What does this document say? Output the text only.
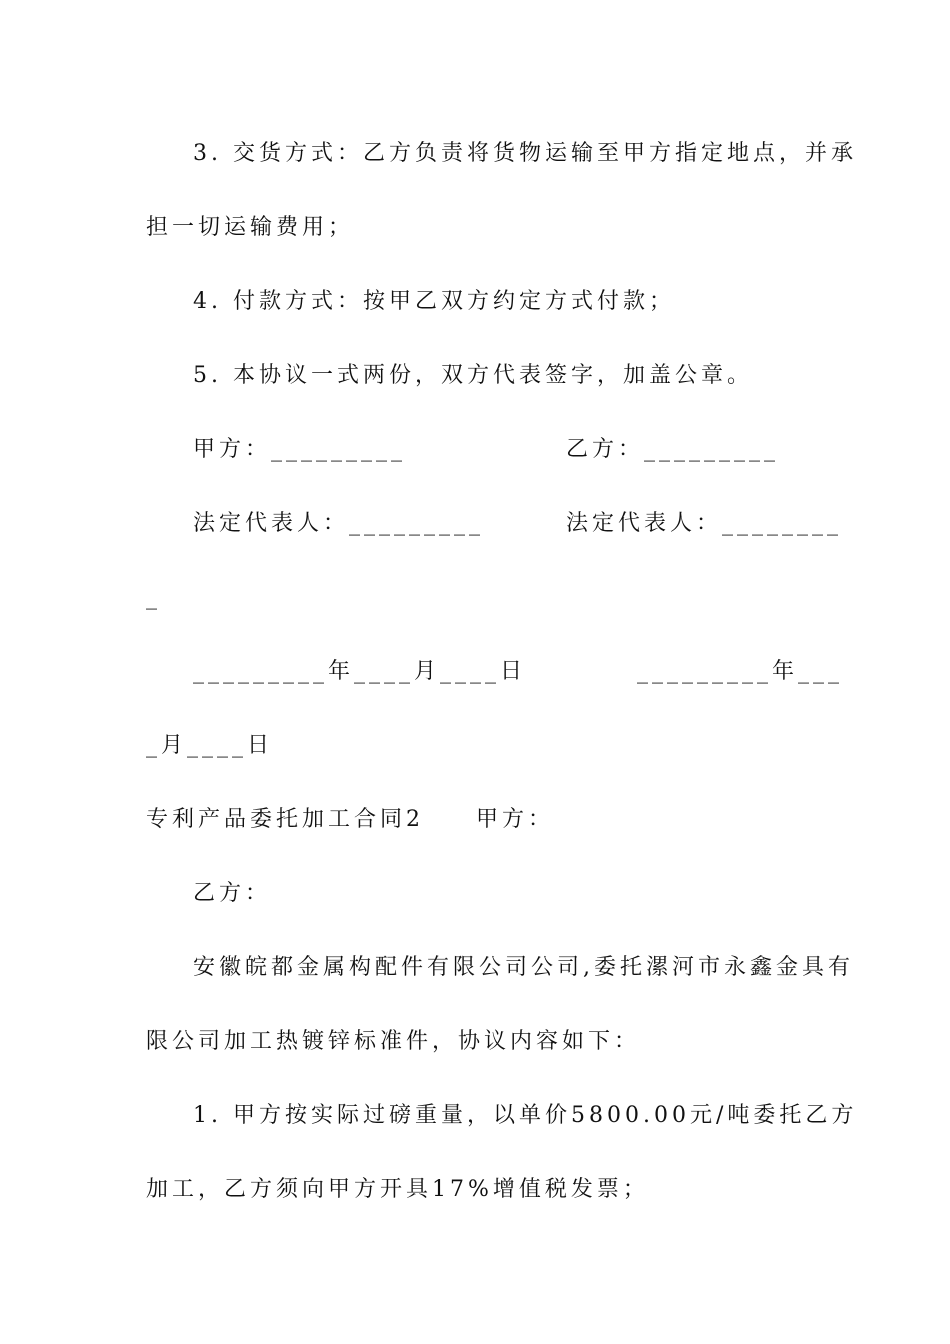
3. 交货方式：乙方负责将货物运输至甲方指定地点，并承
担一切运输费用；
4. 付款方式：按甲乙双方约定方式付款；
5. 本协议一式两份，双方代表签字，加盖公章。
甲方：_________	乙方：_________
法定代表人：_________	法定代表人：________
_
_________年____月____日	_________年___
_月____日
专利产品委托加工合同2　　甲方：
乙方：
安徽皖都金属构配件有限公司公司,委托漯河市永鑫金具有
限公司加工热镀锌标准件，协议内容如下：
1. 甲方按实际过磅重量，以单价5800.00元/吨委托乙方
加工，乙方须向甲方开具17%增值税发票；
